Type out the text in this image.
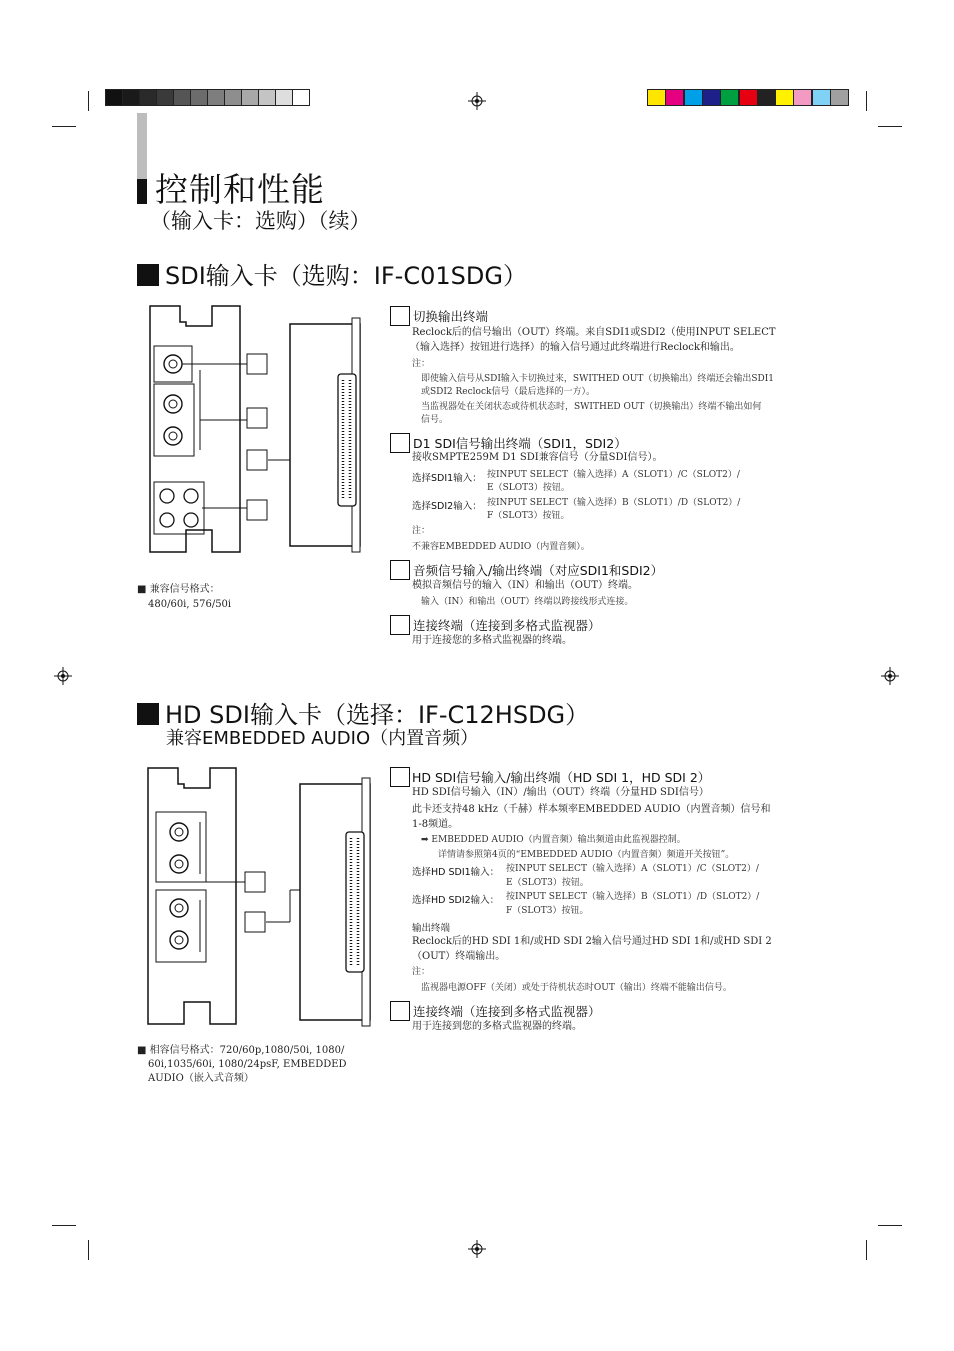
控制和性能
（输入卡：选购）（续）
SDI输入卡（选购：IF-C01SDG）
■ 兼容信号格式：
480/60i, 576/50i
切换输出终端
Reclock后的信号输出（OUT）终端。来自SDI1或SDI2（使用INPUT SELECT
（输入选择）按钮进行选择）的输入信号通过此终端进行Reclock和输出。
注：
即使输入信号从SDI输入卡切换过来，SWITHED OUT（切换输出）终端还会输出SDI1
或SDI2 Reclock信号（最后选择的一方）。
当监视器处在关闭状态或待机状态时，SWITHED OUT（切换输出）终端不输出如何
信号。
D1 SDI信号输出终端（SDI1，SDI2）
接收SMPTE259M D1 SDI兼容信号（分量SDI信号）。
选择SDI1输入： 按INPUT SELECT（输入选择）A（SLOT1）/C（SLOT2）/
E（SLOT3）按钮。
选择SDI2输入： 按INPUT SELECT（输入选择）B（SLOT1）/D（SLOT2）/
F（SLOT3）按钮。
注：
不兼容EMBEDDED AUDIO（内置音频）。
音频信号输入/输出终端（对应SDI1和SDI2）
模拟音频信号的输入（IN）和输出（OUT）终端。
输入（IN）和输出（OUT）终端以跨接线形式连接。
连接终端（连接到多格式监视器）
用于连接您的多格式监视器的终端。
HD SDI输入卡（选择：IF-C12HSDG）
兼容EMBEDDED AUDIO（内置音频）
■ 相容信号格式：720/60p,1080/50i, 1080/
60i,1035/60i, 1080/24psF, EMBEDDED
AUDIO（嵌入式音频）
HD SDI信号输入/输出终端（HD SDI 1，HD SDI 2）
HD SDI信号输入（IN）/输出（OUT）终端（分量HD SDI信号）
此卡还支持48 kHz（千赫）样本频率EMBEDDED AUDIO（内置音频）信号和
1-8频道。
➡ EMBEDDED AUDIO（内置音频）输出频道由此监视器控制。
详情请参照第4页的“EMBEDDED AUDIO（内置音频）频道开关按钮”。
选择HD SDI1输入： 按INPUT SELECT（输入选择）A（SLOT1）/C（SLOT2）/
E（SLOT3）按钮。
选择HD SDI2输入： 按INPUT SELECT（输入选择）B（SLOT1）/D（SLOT2）/
F（SLOT3）按钮。
输出终端
Reclock后的HD SDI 1和/或HD SDI 2输入信号通过HD SDI 1和/或HD SDI 2
（OUT）终端输出。
注：
监视器电源OFF（关闭）或处于待机状态时OUT（输出）终端不能输出信号。
连接终端（连接到多格式监视器）
用于连接到您的多格式监视器的终端。
